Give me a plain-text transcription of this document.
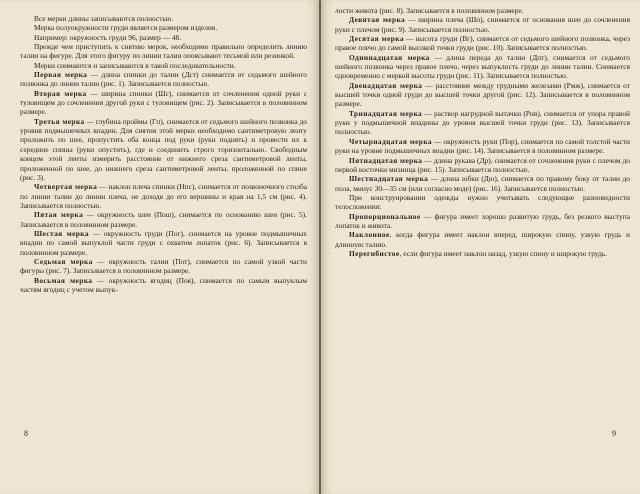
Все мерки длины записываются полностью.

Мерка полуокружности груди является размером изделия.

Например: окружность груди 96, размер — 48.

Прежде чем приступить к снятию мерок, необходимо правильно определить линию талии на фигуре. Для этого фигуру по линии талии опоясывают тесьмой или резинкой.

Мерки снимаются и записываются в такой последовательности.

Первая мерка — длина спинки до талии (Дст) снимается от седьмого шейного позвонка до линии талии (рис. 1). Записывается полностью.

Вторая мерка — ширина спинки (Шс), снимается от сочленения одной руки с туловищем до сочленения другой руки с туловищем (рис. 2). Записывается в половинном размере.

Третья мерка — глубина проймы (Гп), снимается от седьмого шейного позвонка до уровня подмышечных впадин. Для снятия этой мерки необходимо сантиметровую ленту проложить по шее, пропустить оба конца под руки (руки поднять) и провести их к середине спины (руки опустить), где и соединить строго горизонтально. Свободным концом этой ленты измерить расстояние от нижнего среза сантиметровой ленты, проложенной по шее, до нижнего среза сантиметровой ленты, проложенной по спине (рис. 3).

Четвертая мерка — наклон плеча спинки (Нпс), снимается от позвоночного столба по линии талии до линии плеча, не доходя до его вершины и края на 1,5 см (рис. 4). Записывается полностью.

Пятая мерка — окружность шеи (Пош), снимается по основанию шеи (рис. 5). Записывается в половинном размере.

Шестая мерка — окружность груди (Пог), снимается на уровне подмышечных впадин по самой выпуклой части груди с охватом лопаток (рис. 6). Записывается в половинном размере.

Седьмая мерка — окружность талии (Пот), снимается по самой узкой части фигуры (рис. 7). Записывается в половинном размере.

Восьмая мерка — окружность ягодиц (Поя), снимается по самым выпуклым частям ягодиц с учетом выпук-

8

лости живота (рис. 8). Записывается в половинном размере.

Девятая мерка — ширина плеча (Шп), снимается от основания шеи до сочленения руки с плечом (рис. 9). Записывается полностью.

Десятая мерка — высота груди (Вг), снимается от седьмого шейного позвонка, через правое плечо до самой высокой точки груди (рис. 10). Записывается полностью.

Одиннадцатая мерка — длина переда до талии (Дпт), снимается от седьмого шейного позвонка через правое плечо, через выпуклость груди до линии талии. Снимается одновременно с меркой высоты груди (рис. 11). Записывается полностью.

Двенадцатая мерка — расстояние между грудными железами (Рмж), снимается от высшей точки одной груди до высшей точки другой (рис. 12). Записывается в половинном размере.

Тринадцатая мерка — раствор нагрудной вытачки (Рнв), снимается от упора правой руки у подмышечной впадины до уровня высшей точки груди (рис. 13). Записывается полностью.

Четырнадцатая мерка — окружность руки (Пор), снимается по самой толстой части руки на уровне подмышечных впадин (рис. 14). Записывается в половинном размере.

Пятнадцатая мерка — длина рукава (Др), снимается от сочленения руки с плечом до первой косточки мизинца (рис. 15). Записывается полностью.

Шестнадцатая мерка — длина юбки (Дю), снимается по правому боку от талии до пола, минус 30—35 см (или согласно моде) (рис. 16). Записывается полностью.

При конструировании одежды нужно учитывать следующие разновидности телосложения:

Пропорциональное — фигура имеет хорошо развитую грудь, без резкого выступа лопаток и живота.

Наклонное, когда фигура имеет наклон вперед, широкую спину, узкую грудь и длинную талию.

Перегибистое, если фигура имеет наклон назад, узкую спину и широкую грудь.

9
